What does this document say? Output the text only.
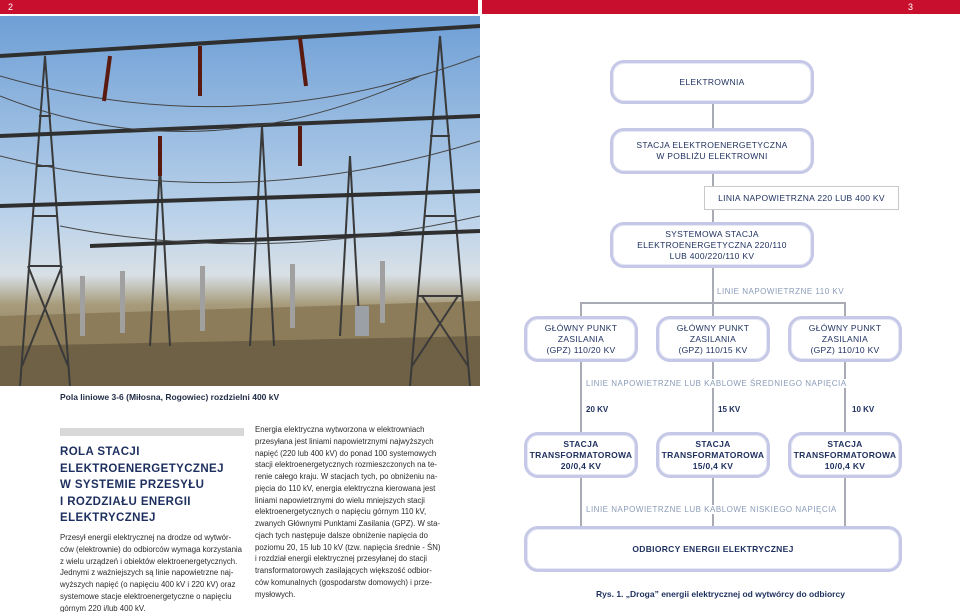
2	3
Pola liniowe 3-6 (Miłosna, Rogowiec) rozdzielni 400 kV
ROLA STACJI
ELEKTROENERGETYCZNEJ
W SYSTEMIE PRZESYŁU
I ROZDZIAŁU ENERGII
ELEKTRYCZNEJ
Przesył energii elektrycznej na drodze od wytwór-
ców (elektrownie) do odbiorców wymaga korzystania
z wielu urządzeń i obiektów elektroenergetycznych.
Jednymi z ważniejszych są linie napowietrzne naj-
wyższych napięć (o napięciu 400 kV i 220 kV) oraz
systemowe stacje elektroenergetyczne o napięciu
górnym 220 i/lub 400 kV.
Energia elektryczna wytworzona w elektrowniach
przesyłana jest liniami napowietrznymi najwyższych
napięć (220 lub 400 kV) do ponad 100 systemowych
stacji elektroenergetycznych rozmieszczonych na te-
renie całego kraju. W stacjach tych, po obniżeniu na-
pięcia do 110 kV, energia elektryczna kierowana jest
liniami napowietrznymi do wielu mniejszych stacji
elektroenergetycznych o napięciu górnym 110 kV,
zwanych Głównymi Punktami Zasilania (GPZ). W sta-
cjach tych następuje dalsze obniżenie napięcia do
poziomu 20, 15 lub 10 kV (tzw. napięcia średnie - ŚN)
i rozdział energii elektrycznej przesyłanej do stacji
transformatorowych zasilających większość odbior-
ców komunalnych (gospodarstw domowych) i prze-
mysłowych.
ELEKTROWNIA
STACJA ELEKTROENERGETYCZNA
W POBLIŻU ELEKTROWNI
LINIA NAPOWIETRZNA 220 LUB 400 KV
SYSTEMOWA STACJA
ELEKTROENERGETYCZNA 220/110
LUB 400/220/110 KV
LINIE NAPOWIETRZNE 110 KV
GŁÓWNY PUNKT
ZASILANIA
(GPZ) 110/20 KV
GŁÓWNY PUNKT
ZASILANIA
(GPZ) 110/15 KV
GŁÓWNY PUNKT
ZASILANIA
(GPZ) 110/10 KV
LINIE NAPOWIETRZNE LUB KABLOWE ŚREDNIEGO NAPIĘCIA
20 KV	15 KV	10 KV
STACJA
TRANSFORMATOROWA
20/0,4 KV
STACJA
TRANSFORMATOROWA
15/0,4 KV
STACJA
TRANSFORMATOROWA
10/0,4 KV
LINIE NAPOWIETRZNE LUB KABLOWE NISKIEGO NAPIĘCIA
ODBIORCY ENERGII ELEKTRYCZNEJ
Rys. 1. „Droga” energii elektrycznej od wytwórcy do odbiorcy
